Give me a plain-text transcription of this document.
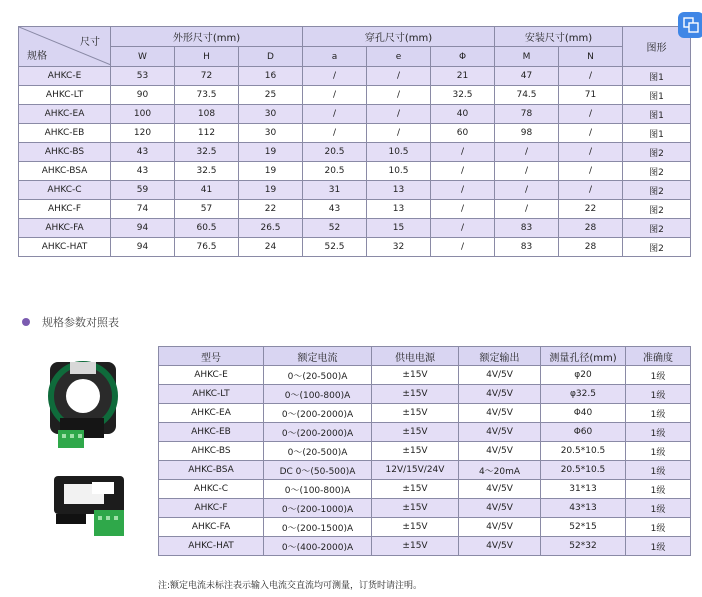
尺寸
规格	外形尺寸(mm)			穿孔尺寸(mm)			安装尺寸(mm)		图形
	W	H	D	a	e	Φ	M	N	
AHKC-E	53	72	16	/	/	21	47	/	图1
AHKC-LT	90	73.5	25	/	/	32.5	74.5	71	图1
AHKC-EA	100	108	30	/	/	40	78	/	图1
AHKC-EB	120	112	30	/	/	60	98	/	图1
AHKC-BS	43	32.5	19	20.5	10.5	/	/	/	图2
AHKC-BSA	43	32.5	19	20.5	10.5	/	/	/	图2
AHKC-C	59	41	19	31	13	/	/	/	图2
AHKC-F	74	57	22	43	13	/	/	22	图2
AHKC-FA	94	60.5	26.5	52	15	/	83	28	图2
AHKC-HAT	94	76.5	24	52.5	32	/	83	28	图2
规格参数对照表
型号	额定电流	供电电源	额定输出	测量孔径(mm)	准确度
AHKC-E	0～(20-500)A	±15V	4V/5V	φ20	1级
AHKC-LT	0～(100-800)A	±15V	4V/5V	φ32.5	1级
AHKC-EA	0～(200-2000)A	±15V	4V/5V	Φ40	1级
AHKC-EB	0～(200-2000)A	±15V	4V/5V	Φ60	1级
AHKC-BS	0～(20-500)A	±15V	4V/5V	20.5*10.5	1级
AHKC-BSA	DC 0～(50-500)A	12V/15V/24V	4～20mA	20.5*10.5	1级
AHKC-C	0～(100-800)A	±15V	4V/5V	31*13	1级
AHKC-F	0～(200-1000)A	±15V	4V/5V	43*13	1级
AHKC-FA	0～(200-1500)A	±15V	4V/5V	52*15	1级
AHKC-HAT	0～(400-2000)A	±15V	4V/5V	52*32	1级
注:额定电流未标注表示输入电流交直流均可测量，订货时请注明。
